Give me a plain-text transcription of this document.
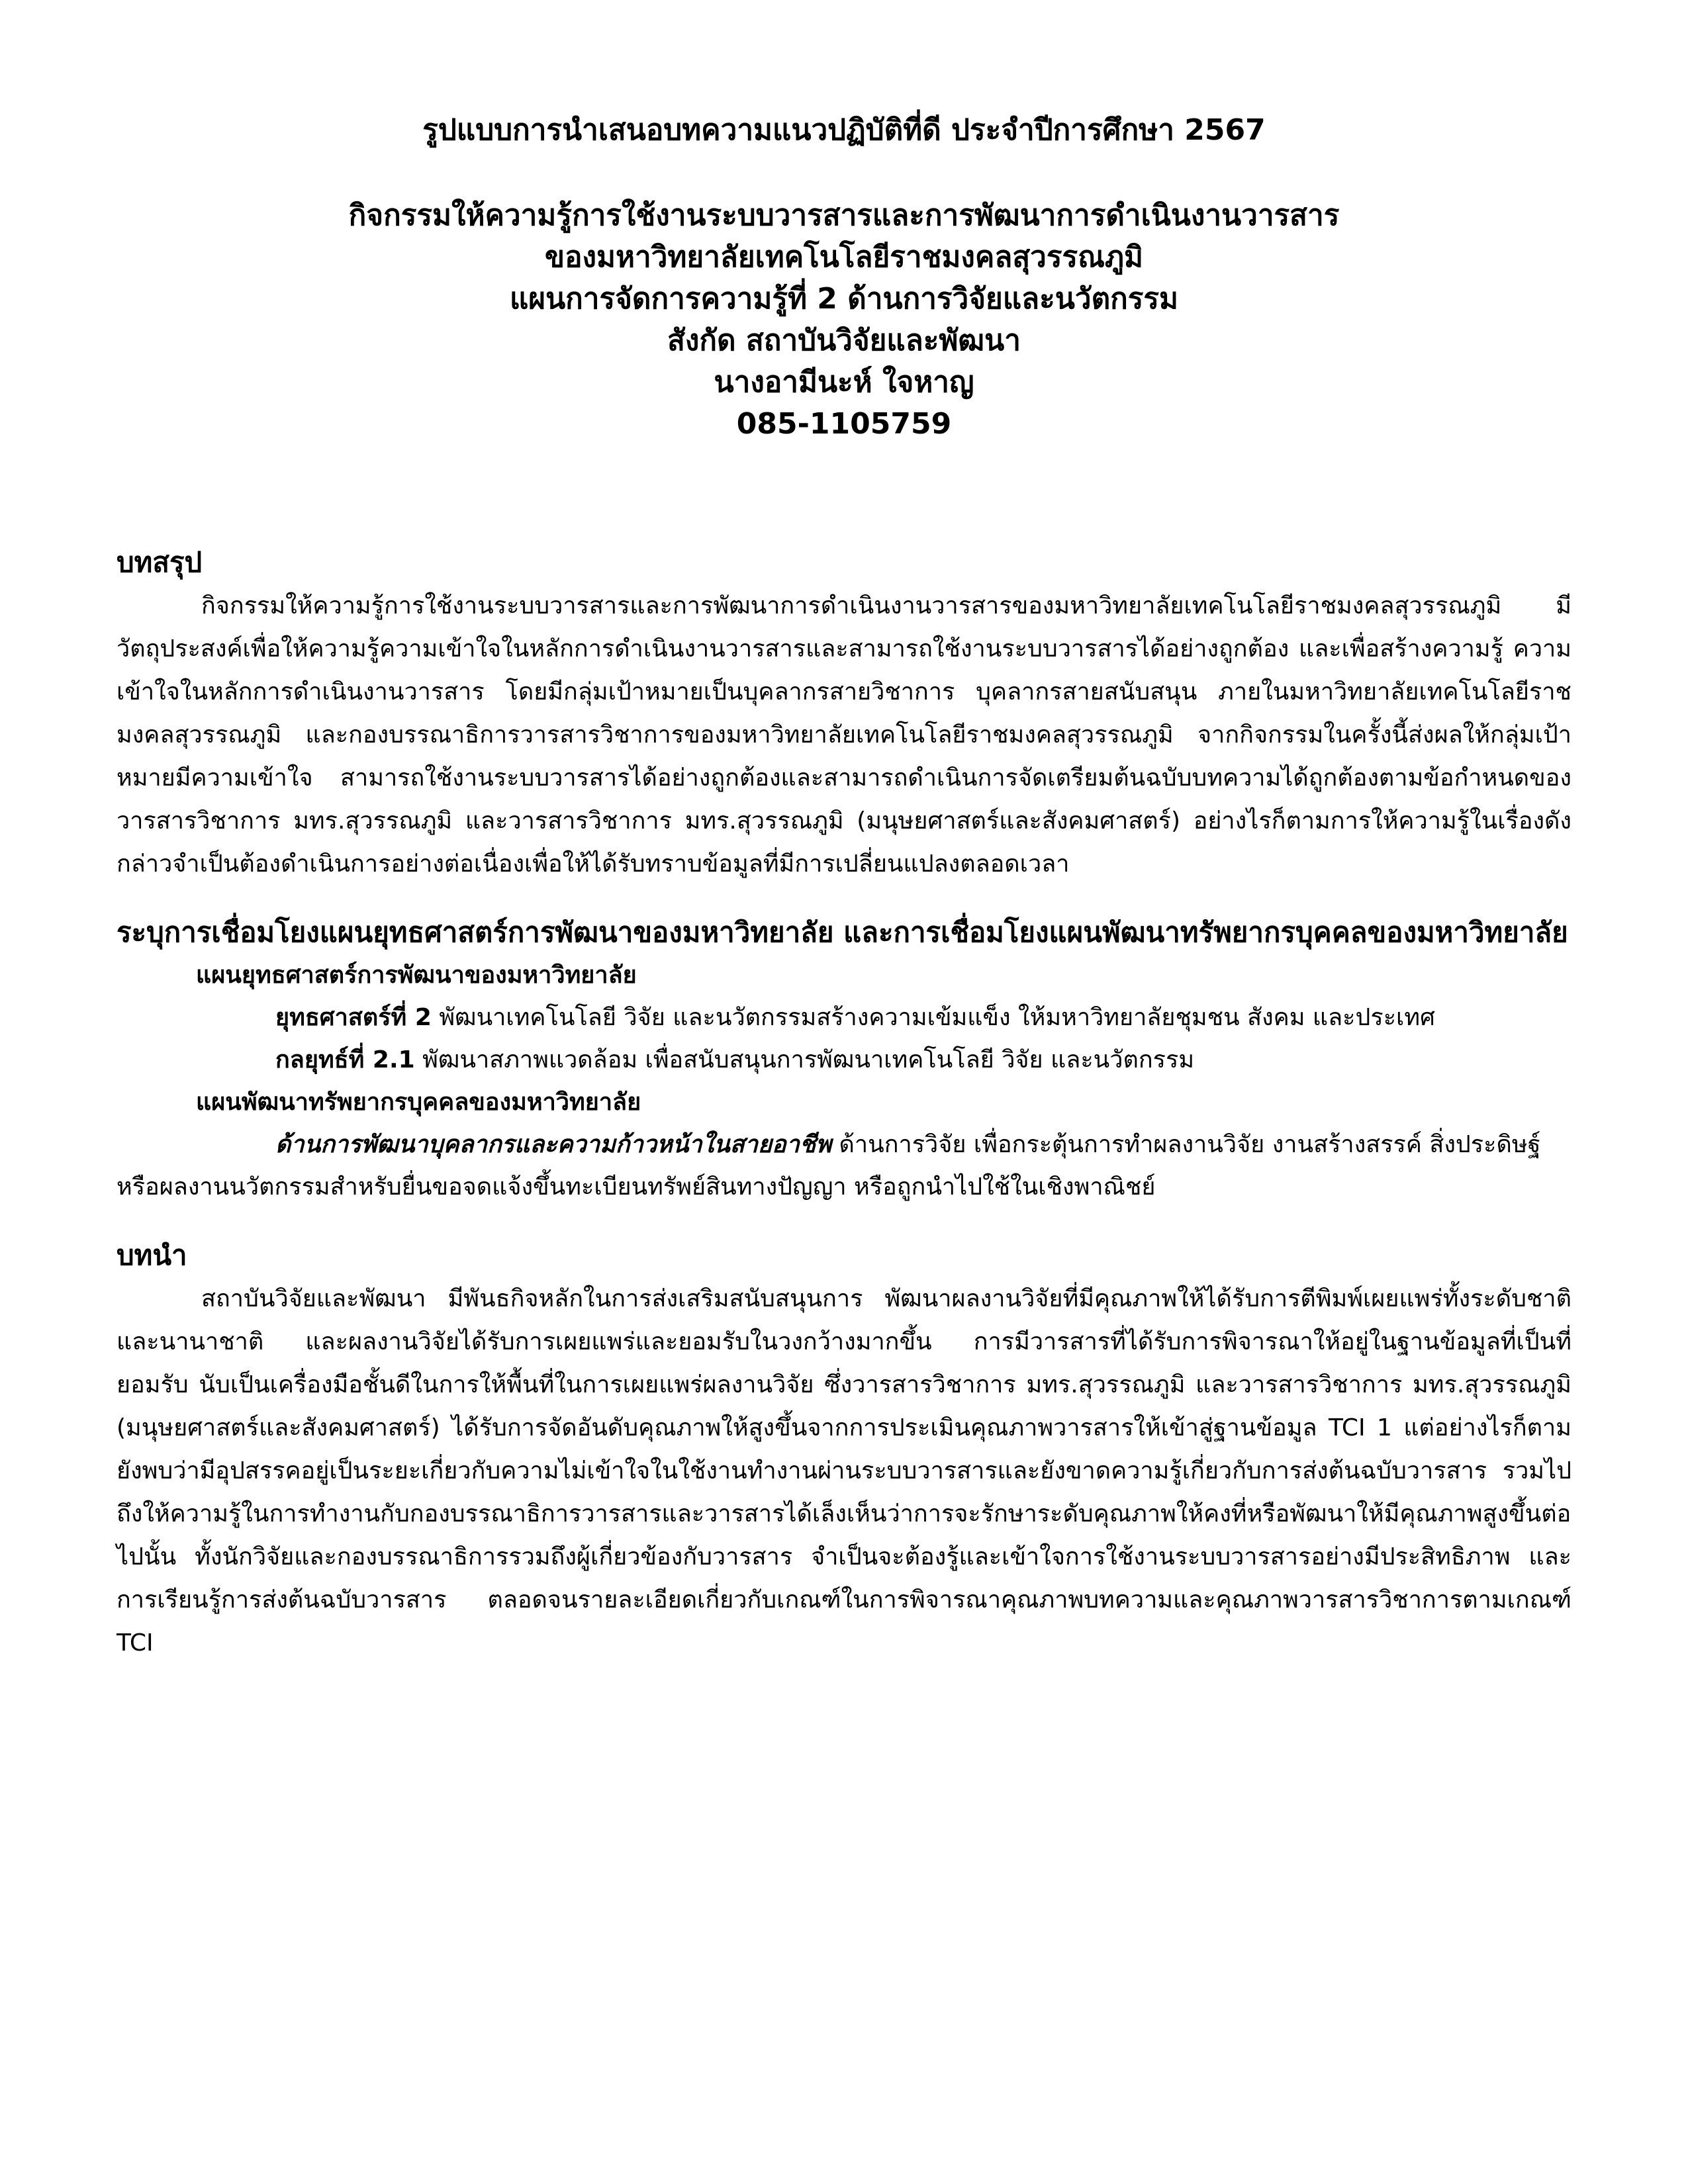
รูปแบบการนำเสนอบทความแนวปฏิบัติที่ดี ประจำปีการศึกษา 2567

กิจกรรมให้ความรู้การใช้งานระบบวารสารและการพัฒนาการดำเนินงานวารสาร

ของมหาวิทยาลัยเทคโนโลยีราชมงคลสุวรรณภูมิ

แผนการจัดการความรู้ที่ 2 ด้านการวิจัยและนวัตกรรม

สังกัด สถาบันวิจัยและพัฒนา

นางอามีนะห์ ใจหาญ

085-1105759

บทสรุป

กิจกรรมให้ความรู้การใช้งานระบบวารสารและการพัฒนาการดำเนินงานวารสารของมหาวิทยาลัยเทคโนโลยีราชมงคลสุวรรณภูมิ มีวัตถุประสงค์เพื่อให้ความรู้ความเข้าใจในหลักการดำเนินงานวารสารและสามารถใช้งานระบบวารสารได้อย่างถูกต้อง และเพื่อสร้างความรู้ ความเข้าใจในหลักการดำเนินงานวารสาร โดยมีกลุ่มเป้าหมายเป็นบุคลากรสายวิชาการ บุคลากรสายสนับสนุน ภายในมหาวิทยาลัยเทคโนโลยีราชมงคลสุวรรณภูมิ และกองบรรณาธิการวารสารวิชาการของมหาวิทยาลัยเทคโนโลยีราชมงคลสุวรรณภูมิ จากกิจกรรมในครั้งนี้ส่งผลให้กลุ่มเป้าหมายมีความเข้าใจ สามารถใช้งานระบบวารสารได้อย่างถูกต้องและสามารถดำเนินการจัดเตรียมต้นฉบับบทความได้ถูกต้องตามข้อกำหนดของวารสารวิชาการ มทร.สุวรรณภูมิ และวารสารวิชาการ มทร.สุวรรณภูมิ (มนุษยศาสตร์และสังคมศาสตร์) อย่างไรก็ตามการให้ความรู้ในเรื่องดังกล่าวจำเป็นต้องดำเนินการอย่างต่อเนื่องเพื่อให้ได้รับทราบข้อมูลที่มีการเปลี่ยนแปลงตลอดเวลา

ระบุการเชื่อมโยงแผนยุทธศาสตร์การพัฒนาของมหาวิทยาลัย และการเชื่อมโยงแผนพัฒนาทรัพยากรบุคคลของมหาวิทยาลัย

แผนยุทธศาสตร์การพัฒนาของมหาวิทยาลัย

ยุทธศาสตร์ที่ 2 พัฒนาเทคโนโลยี วิจัย และนวัตกรรมสร้างความเข้มแข็ง ให้มหาวิทยาลัยชุมชน สังคม และประเทศ

กลยุทธ์ที่ 2.1 พัฒนาสภาพแวดล้อม เพื่อสนับสนุนการพัฒนาเทคโนโลยี วิจัย และนวัตกรรม

แผนพัฒนาทรัพยากรบุคคลของมหาวิทยาลัย

ด้านการพัฒนาบุคลากรและความก้าวหน้าในสายอาชีพ ด้านการวิจัย เพื่อกระตุ้นการทำผลงานวิจัย งานสร้างสรรค์ สิ่งประดิษฐ์ หรือผลงานนวัตกรรมสำหรับยื่นขอจดแจ้งขึ้นทะเบียนทรัพย์สินทางปัญญา หรือถูกนำไปใช้ในเชิงพาณิชย์

บทนำ

สถาบันวิจัยและพัฒนา มีพันธกิจหลักในการส่งเสริมสนับสนุนการ พัฒนาผลงานวิจัยที่มีคุณภาพให้ได้รับการตีพิมพ์เผยแพร่ทั้งระดับชาติและนานาชาติ และผลงานวิจัยได้รับการเผยแพร่และยอมรับในวงกว้างมากขึ้น การมีวารสารที่ได้รับการพิจารณาให้อยู่ในฐานข้อมูลที่เป็นที่ยอมรับ นับเป็นเครื่องมือชั้นดีในการให้พื้นที่ในการเผยแพร่ผลงานวิจัย ซึ่งวารสารวิชาการ มทร.สุวรรณภูมิ และวารสารวิชาการ มทร.สุวรรณภูมิ (มนุษยศาสตร์และสังคมศาสตร์) ได้รับการจัดอันดับคุณภาพให้สูงขึ้นจากการประเมินคุณภาพวารสารให้เข้าสู่ฐานข้อมูล TCI 1 แต่อย่างไรก็ตามยังพบว่ามีอุปสรรคอยู่เป็นระยะเกี่ยวกับความไม่เข้าใจในใช้งานทำงานผ่านระบบวารสารและยังขาดความรู้เกี่ยวกับการส่งต้นฉบับวารสาร รวมไปถึงให้ความรู้ในการทำงานกับกองบรรณาธิการวารสารและวารสารได้เล็งเห็นว่าการจะรักษาระดับคุณภาพให้คงที่หรือพัฒนาให้มีคุณภาพสูงขึ้นต่อไปนั้น ทั้งนักวิจัยและกองบรรณาธิการรวมถึงผู้เกี่ยวข้องกับวารสาร จำเป็นจะต้องรู้และเข้าใจการใช้งานระบบวารสารอย่างมีประสิทธิภาพ และการเรียนรู้การส่งต้นฉบับวารสาร ตลอดจนรายละเอียดเกี่ยวกับเกณฑ์ในการพิจารณาคุณภาพบทความและคุณภาพวารสารวิชาการตามเกณฑ์ TCI
